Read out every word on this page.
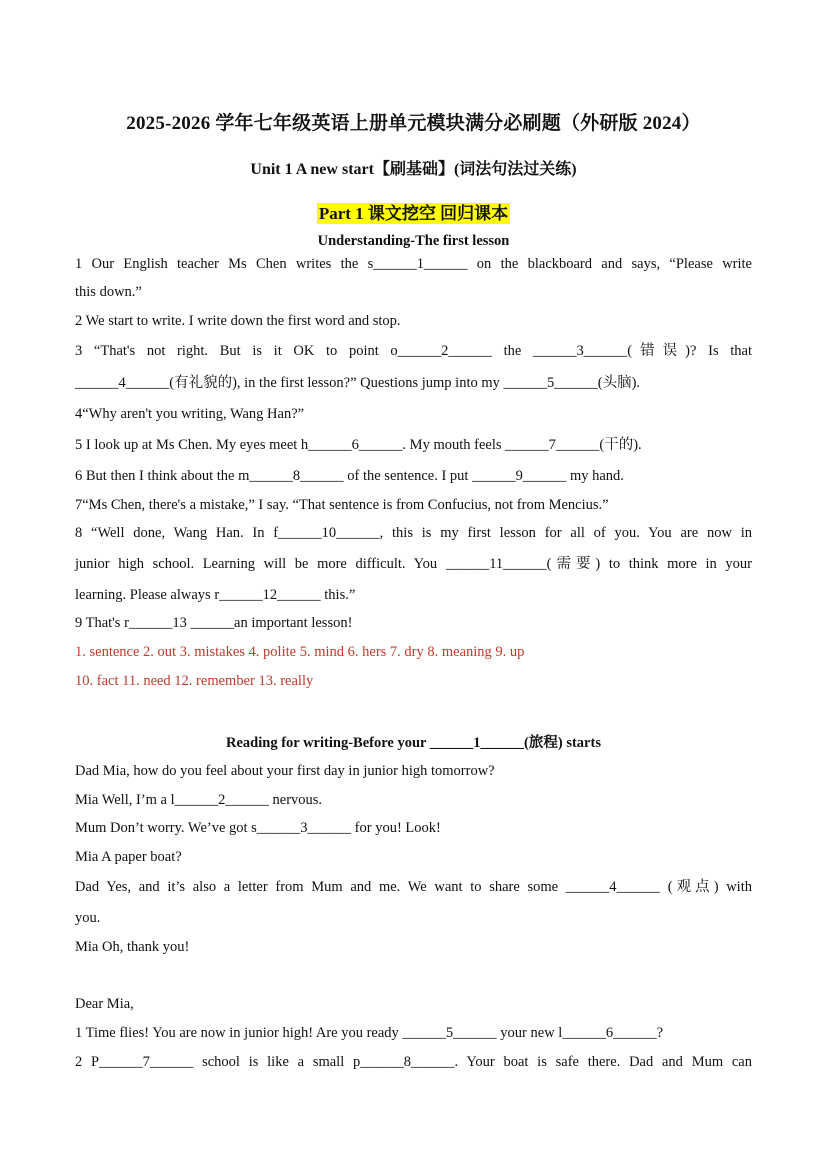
2025-2026 学年七年级英语上册单元模块满分必刷题（外研版 2024）
Unit 1 A new start【刷基础】(词法句法过关练)
Part 1 课文挖空 回归课本
Understanding-The first lesson
1 Our English teacher Ms Chen writes the s______1______ on the blackboard and says, “Please write
this down.”
2 We start to write. I write down the first word and stop.
3 “That's not right. But is it OK to point o______2______ the ______3______(错误)? Is that
______4______(有礼貌的), in the first lesson?” Questions jump into my ______5______(头脑).
4“Why aren't you writing, Wang Han?”
5 I look up at Ms Chen. My eyes meet h______6______. My mouth feels ______7______(干的).
6 But then I think about the m______8______ of the sentence. I put ______9______ my hand.
7“Ms Chen, there's a mistake,” I say. “That sentence is from Confucius, not from Mencius.”
8 “Well done, Wang Han. In f______10______, this is my first lesson for all of you. You are now in
junior high school. Learning will be more difficult. You ______11______(需要) to think more in your
learning. Please always r______12______ this.”
9 That's r______13 ______an important lesson!
1. sentence 2. out 3. mistakes 4. polite 5. mind 6. hers 7. dry 8. meaning 9. up
10. fact 11. need 12. remember 13. really
Reading for writing-Before your ______1______(旅程) starts
Dad Mia, how do you feel about your first day in junior high tomorrow?
Mia Well, I’m a l______2______ nervous.
Mum Don’t worry. We’ve got s______3______ for you! Look!
Mia A paper boat?
Dad Yes, and it’s also a letter from Mum and me. We want to share some ______4______ (观点) with
you.
Mia Oh, thank you!
Dear Mia,
1 Time flies! You are now in junior high! Are you ready ______5______ your new l______6______?
2 P______7______ school is like a small p______8______. Your boat is safe there. Dad and Mum can
